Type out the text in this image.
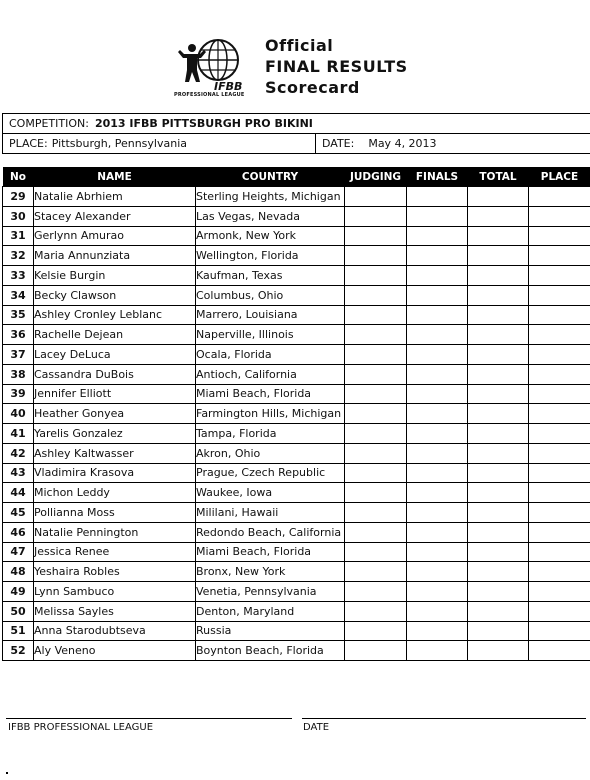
IFBB
PROFESSIONAL LEAGUE
Official
FINAL RESULTS
Scorecard
COMPETITION: 2013 IFBB PITTSBURGH PRO BIKINI
PLACE: Pittsburgh, Pennsylvania	DATE:	May 4, 2013
No	NAME	COUNTRY	JUDGING	FINALS	TOTAL	PLACE
29	Natalie Abrhiem	Sterling Heights, Michigan				
30	Stacey Alexander	Las Vegas, Nevada				
31	Gerlynn Amurao	Armonk, New York				
32	Maria Annunziata	Wellington, Florida				
33	Kelsie Burgin	Kaufman, Texas				
34	Becky Clawson	Columbus, Ohio				
35	Ashley Cronley Leblanc	Marrero, Louisiana				
36	Rachelle Dejean	Naperville, Illinois				
37	Lacey DeLuca	Ocala, Florida				
38	Cassandra DuBois	Antioch, California				
39	Jennifer Elliott	Miami Beach, Florida				
40	Heather Gonyea	Farmington Hills, Michigan				
41	Yarelis Gonzalez	Tampa, Florida				
42	Ashley Kaltwasser	Akron, Ohio				
43	Vladimira Krasova	Prague, Czech Republic				
44	Michon Leddy	Waukee, Iowa				
45	Pollianna Moss	Mililani, Hawaii				
46	Natalie Pennington	Redondo Beach, California				
47	Jessica Renee	Miami Beach, Florida				
48	Yeshaira Robles	Bronx, New York				
49	Lynn Sambuco	Venetia, Pennsylvania				
50	Melissa Sayles	Denton, Maryland				
51	Anna Starodubtseva	Russia				
52	Aly Veneno	Boynton Beach, Florida				
IFBB PROFESSIONAL LEAGUE	DATE
